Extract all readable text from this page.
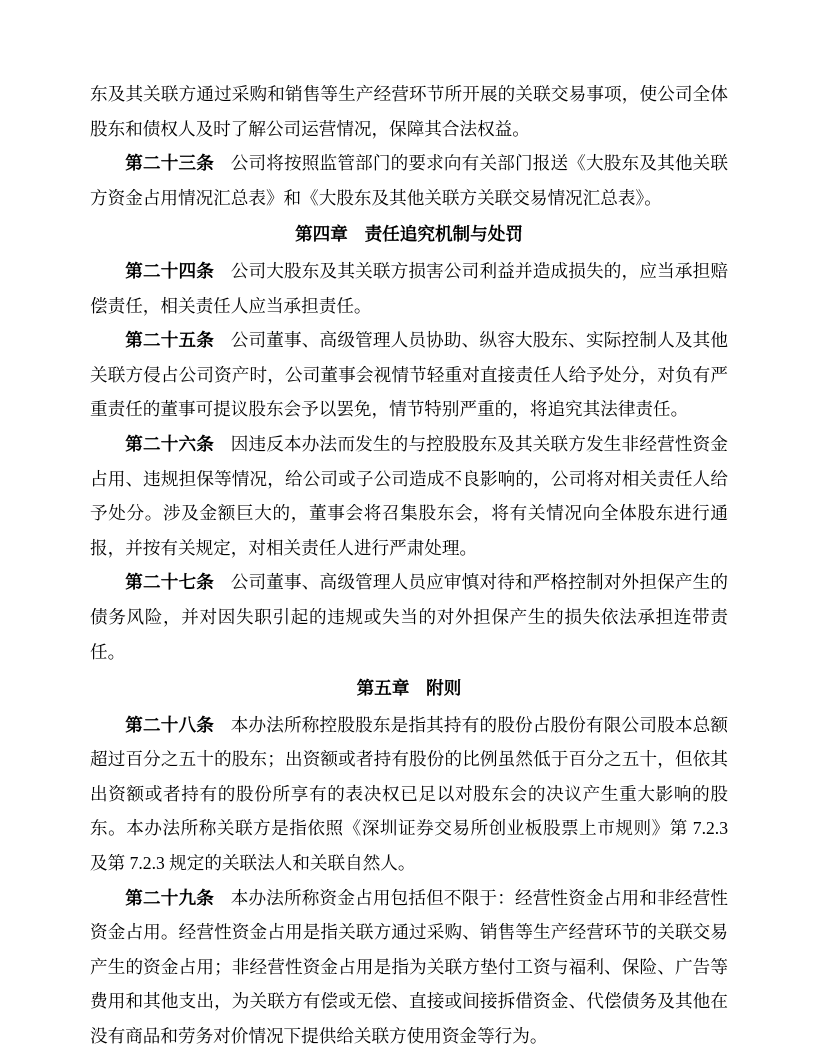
东及其关联方通过采购和销售等生产经营环节所开展的关联交易事项，使公司全体股东和债权人及时了解公司运营情况，保障其合法权益。

第二十三条 公司将按照监管部门的要求向有关部门报送《大股东及其他关联方资金占用情况汇总表》和《大股东及其他关联方关联交易情况汇总表》。

第四章 责任追究机制与处罚

第二十四条 公司大股东及其关联方损害公司利益并造成损失的，应当承担赔偿责任，相关责任人应当承担责任。

第二十五条 公司董事、高级管理人员协助、纵容大股东、实际控制人及其他关联方侵占公司资产时，公司董事会视情节轻重对直接责任人给予处分，对负有严重责任的董事可提议股东会予以罢免，情节特别严重的，将追究其法律责任。

第二十六条 因违反本办法而发生的与控股股东及其关联方发生非经营性资金占用、违规担保等情况，给公司或子公司造成不良影响的，公司将对相关责任人给予处分。涉及金额巨大的，董事会将召集股东会，将有关情况向全体股东进行通报，并按有关规定，对相关责任人进行严肃处理。

第二十七条 公司董事、高级管理人员应审慎对待和严格控制对外担保产生的债务风险，并对因失职引起的违规或失当的对外担保产生的损失依法承担连带责任。

第五章 附则

第二十八条 本办法所称控股股东是指其持有的股份占股份有限公司股本总额超过百分之五十的股东；出资额或者持有股份的比例虽然低于百分之五十，但依其出资额或者持有的股份所享有的表决权已足以对股东会的决议产生重大影响的股东。本办法所称关联方是指依照《深圳证券交易所创业板股票上市规则》第 7.2.3 及第 7.2.3 规定的关联法人和关联自然人。

第二十九条 本办法所称资金占用包括但不限于：经营性资金占用和非经营性资金占用。经营性资金占用是指关联方通过采购、销售等生产经营环节的关联交易产生的资金占用；非经营性资金占用是指为关联方垫付工资与福利、保险、广告等费用和其他支出，为关联方有偿或无偿、直接或间接拆借资金、代偿债务及其他在没有商品和劳务对价情况下提供给关联方使用资金等行为。
